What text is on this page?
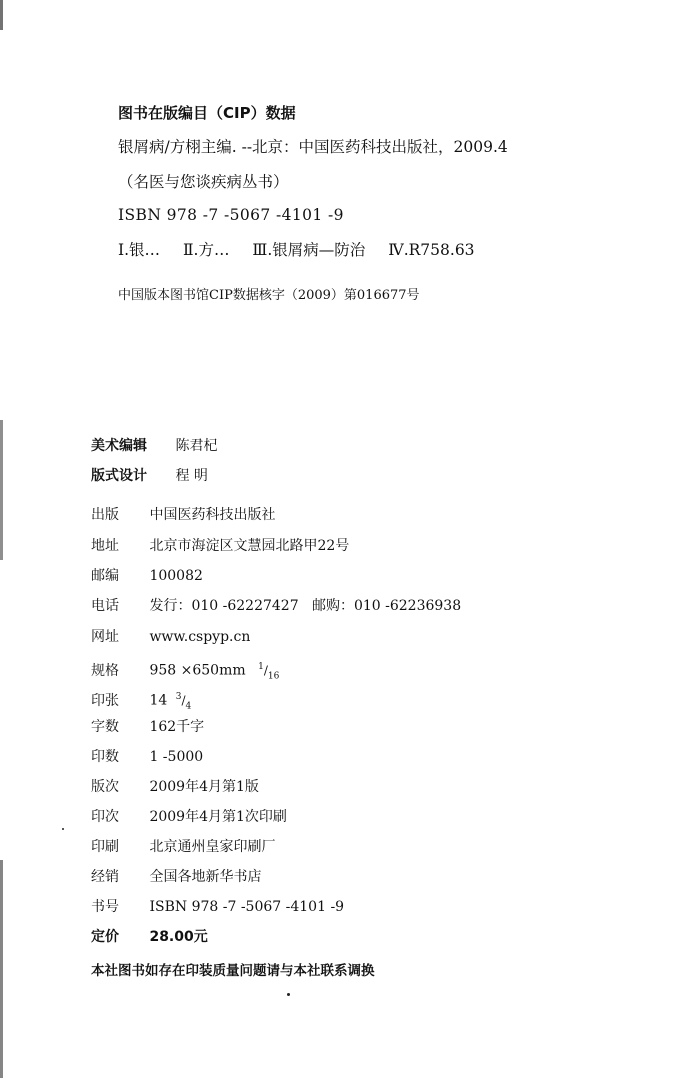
图书在版编目（CIP）数据
银屑病/方栩主编. --北京：中国医药科技出版社，2009.4
（名医与您谈疾病丛书）
ISBN 978 -7 -5067 -4101 -9
Ⅰ.银… Ⅱ.方… Ⅲ.银屑病—防治 Ⅳ.R758.63
中国版本图书馆CIP数据核字（2009）第016677号
美术编辑 陈君杞
版式设计 程 明
出版 中国医药科技出版社
地址 北京市海淀区文慧园北路甲22号
邮编 100082
电话 发行：010 -62227427   邮购：010 -62236938
网址 www.cspyp.cn
规格 958 ×650mm $^1/_{16}$
印张 14 $^3/_4$
字数 162千字
印数 1 -5000
版次 2009年4月第1版
印次 2009年4月第1次印刷
印刷 北京通州皇家印刷厂
经销 全国各地新华书店
书号 ISBN 978 -7 -5067 -4101 -9
定价 28.00元
本社图书如存在印装质量问题请与本社联系调换
